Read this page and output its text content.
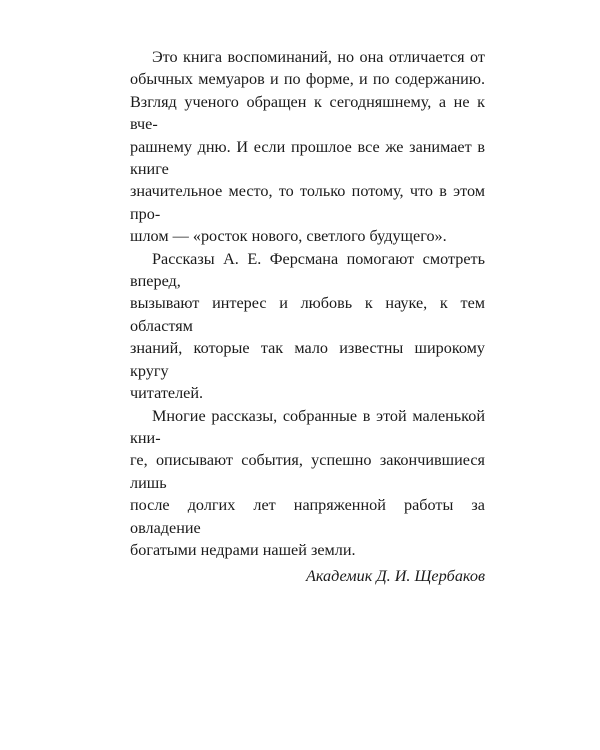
Это книга воспоминаний, но она отличается от
обычных мемуаров и по форме, и по содержанию.
Взгляд ученого обращен к сегодняшнему, а не к вче-
рашнему дню. И если прошлое все же занимает в книге
значительное место, то только потому, что в этом про-
шлом — «росток нового, светлого будущего».

Рассказы А. Е. Ферсмана помогают смотреть вперед,
вызывают интерес и любовь к науке, к тем областям
знаний, которые так мало известны широкому кругу
читателей.

Многие рассказы, собранные в этой маленькой кни-
ге, описывают события, успешно закончившиеся лишь
после долгих лет напряженной работы за овладение
богатыми недрами нашей земли.

Академик Д. И. Щербаков
